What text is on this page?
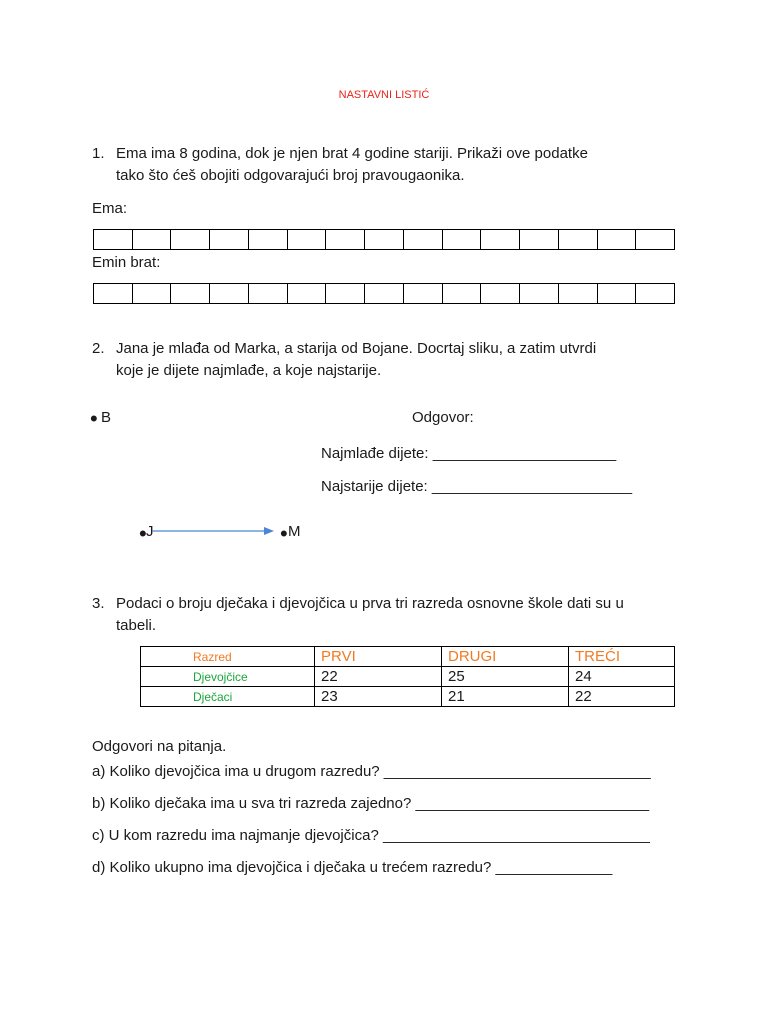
NASTAVNI LISTIĆ
1. Ema ima 8 godina, dok je njen brat 4 godine stariji. Prikaži ove podatke
tako što ćeš obojiti odgovarajući broj pravougaonika.
Ema:
Emin brat:
2. Jana je mlađa od Marka, a starija od Bojane. Docrtaj sliku, a zatim utvrdi
koje je dijete najmlađe, a koje najstarije.
• B	Odgovor:
Najmlađe dijete: ______________________
Najstarije dijete: ________________________
• J	• M
3. Podaci o broju dječaka i djevojčica u prva tri razreda osnovne škole dati su u
tabeli.
Razred	PRVI	DRUGI	TREĆI
Djevojčice	22	25	24
Dječaci	23	21	22
Odgovori na pitanja.
a) Koliko djevojčica ima u drugom razredu? ________________________________
b) Koliko dječaka ima u sva tri razreda zajedno? ____________________________
c) U kom razredu ima najmanje djevojčica? ________________________________
d) Koliko ukupno ima djevojčica i dječaka u trećem razredu? ______________
